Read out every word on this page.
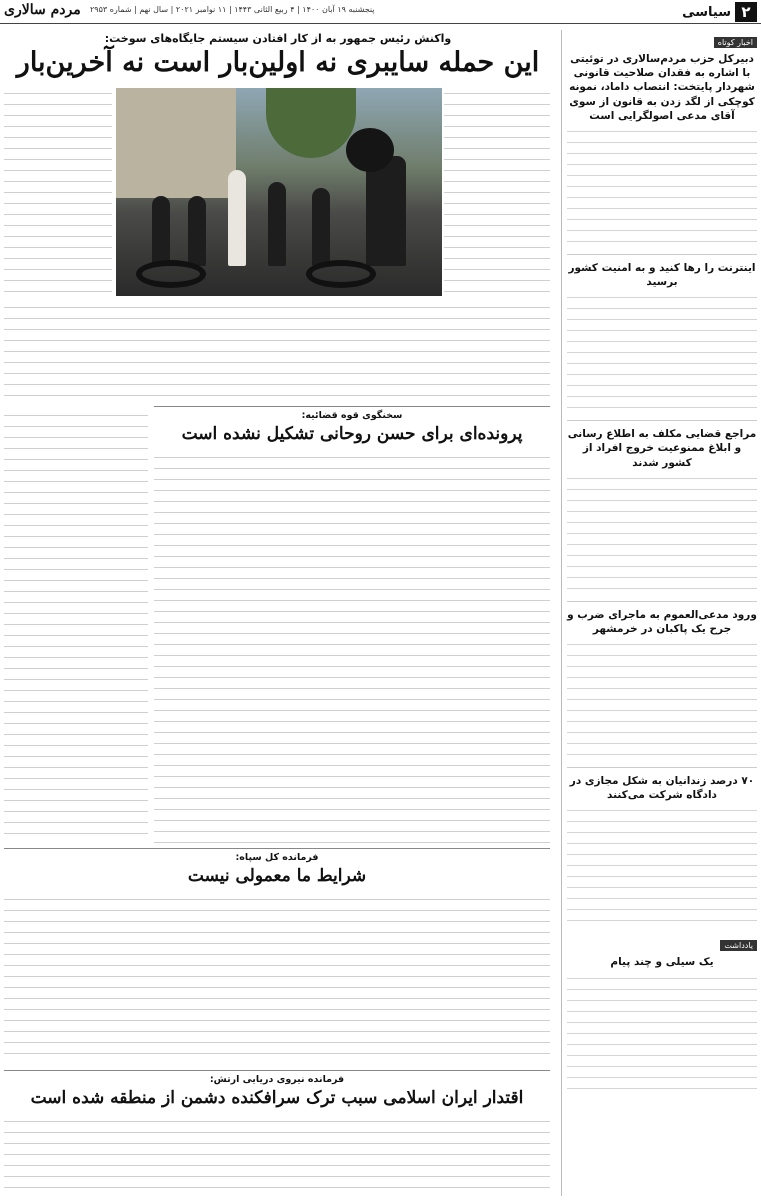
۲
سیاسی
پنجشنبه ۱۹ آبان ۱۴۰۰ | ۴ ربیع الثانی ۱۴۴۳ | ۱۱ نوامبر ۲۰۲۱ | سال نهم | شماره ۲۹۵۳
مردم سالاری
اخبار کوتاه
دبیرکل حزب مردم‌سالاری در توئیتی با اشاره به فقدان صلاحیت قانونی شهردار پایتخت: انتصاب داماد، نمونه کوچکی از لگد زدن به قانون از سوی آقای مدعی اصولگرایی است
اینترنت را رها کنید و به امنیت کشور برسید
مراجع قضایی مکلف به اطلاع رسانی و ابلاغ ممنوعیت خروج افراد از کشور شدند
ورود مدعی‌العموم به ماجرای ضرب و جرح یک پاکبان در خرمشهر
۷۰ درصد زندانیان به شکل مجازی در دادگاه شرکت می‌کنند
یادداشت
یک سیلی و چند پیام
واکنش رئیس جمهور به از کار افتادن سیستم جایگاه‌های سوخت:
این حمله سایبری نه اولین‌بار است نه آخرین‌بار
سخنگوی قوه قضائیه:
پرونده‌ای برای حسن روحانی تشکیل نشده است
فرمانده کل سپاه:
شرایط ما معمولی نیست
فرمانده نیروی دریایی ارتش:
اقتدار ایران اسلامی سبب ترک سرافکنده دشمن از منطقه شده است
